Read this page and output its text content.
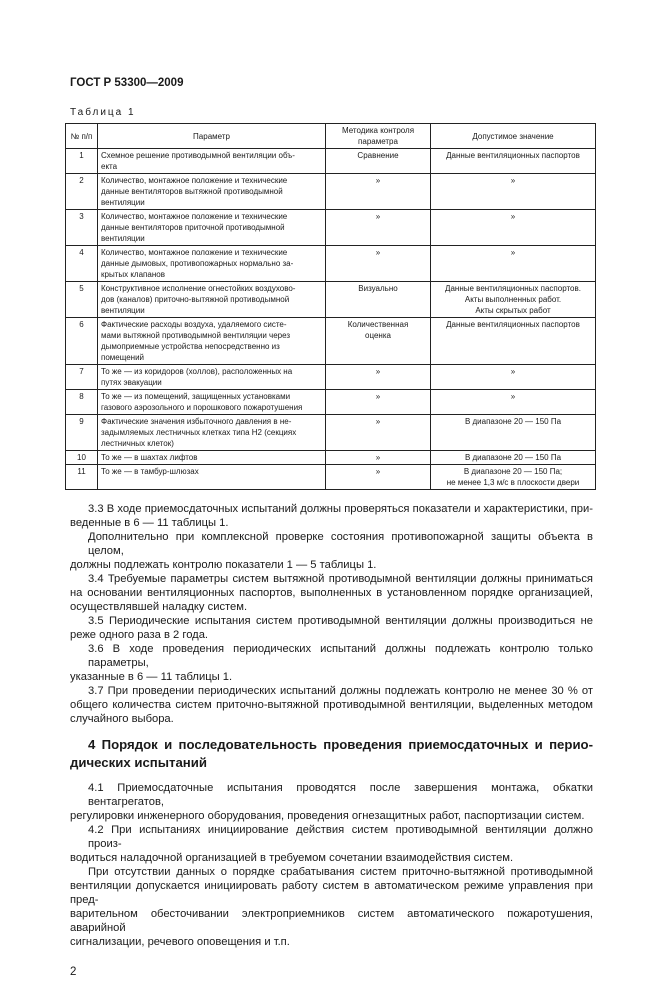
ГОСТ Р 53300—2009
Таблица 1
№ п/п	Параметр	Методика контроля параметра	Допустимое значение
1	Схемное решение противодымной вентиляции объ-
екта	Сравнение	Данные вентиляционных паспортов
2	Количество, монтажное положение и технические
данные вентиляторов вытяжной противодымной
вентиляции	»	»
3	Количество, монтажное положение и технические
данные вентиляторов приточной противодымной
вентиляции	»	»
4	Количество, монтажное положение и технические
данные дымовых, противопожарных нормально за-
крытых клапанов	»	»
5	Конструктивное исполнение огнестойких воздухово-
дов (каналов) приточно-вытяжной противодымной
вентиляции	Визуально	Данные вентиляционных паспортов.
Акты выполненных работ.
Акты скрытых работ
6	Фактические расходы воздуха, удаляемого систе-
мами вытяжной противодымной вентиляции через
дымоприемные устройства непосредственно из
помещений	Количественная
оценка	Данные вентиляционных паспортов
7	То же — из коридоров (холлов), расположенных на
путях эвакуации	»	»
8	То же — из помещений, защищенных установками
газового аэрозольного и порошкового пожаротушения	»	»
9	Фактические значения избыточного давления в не-
задымляемых лестничных клетках типа Н2 (секциях
лестничных клеток)	»	В диапазоне 20 — 150 Па
10	То же — в шахтах лифтов	»	В диапазоне 20 — 150 Па
11	То же — в тамбур-шлюзах	»	В диапазоне 20 — 150 Па;
не менее 1,3 м/с в плоскости двери
3.3 В ходе приемосдаточных испытаний должны проверяться показатели и характеристики, при-
веденные в 6 — 11 таблицы 1.
Дополнительно при комплексной проверке состояния противопожарной защиты объекта в целом,
должны подлежать контролю показатели 1 — 5 таблицы 1.
3.4 Требуемые параметры систем вытяжной противодымной вентиляции должны приниматься
на основании вентиляционных паспортов, выполненных в установленном порядке организацией,
осуществлявшей наладку систем.
3.5 Периодические испытания систем противодымной вентиляции должны производиться не
реже одного раза в 2 года.
3.6 В ходе проведения периодических испытаний должны подлежать контролю только параметры,
указанные в 6 — 11 таблицы 1.
3.7 При проведении периодических испытаний должны подлежать контролю не менее 30 % от
общего количества систем приточно-вытяжной противодымной вентиляции, выделенных методом
случайного выбора.
4 Порядок и последовательность проведения приемосдаточных и перио-
дических испытаний
4.1 Приемосдаточные испытания проводятся после завершения монтажа, обкатки вентагрегатов,
регулировки инженерного оборудования, проведения огнезащитных работ, паспортизации систем.
4.2 При испытаниях инициирование действия систем противодымной вентиляции должно произ-
водиться наладочной организацией в требуемом сочетании взаимодействия систем.
При отсутствии данных о порядке срабатывания систем приточно-вытяжной противодымной
вентиляции допускается инициировать работу систем в автоматическом режиме управления при пред-
варительном обесточивании электроприемников систем автоматического пожаротушения, аварийной
сигнализации, речевого оповещения и т.п.
2
